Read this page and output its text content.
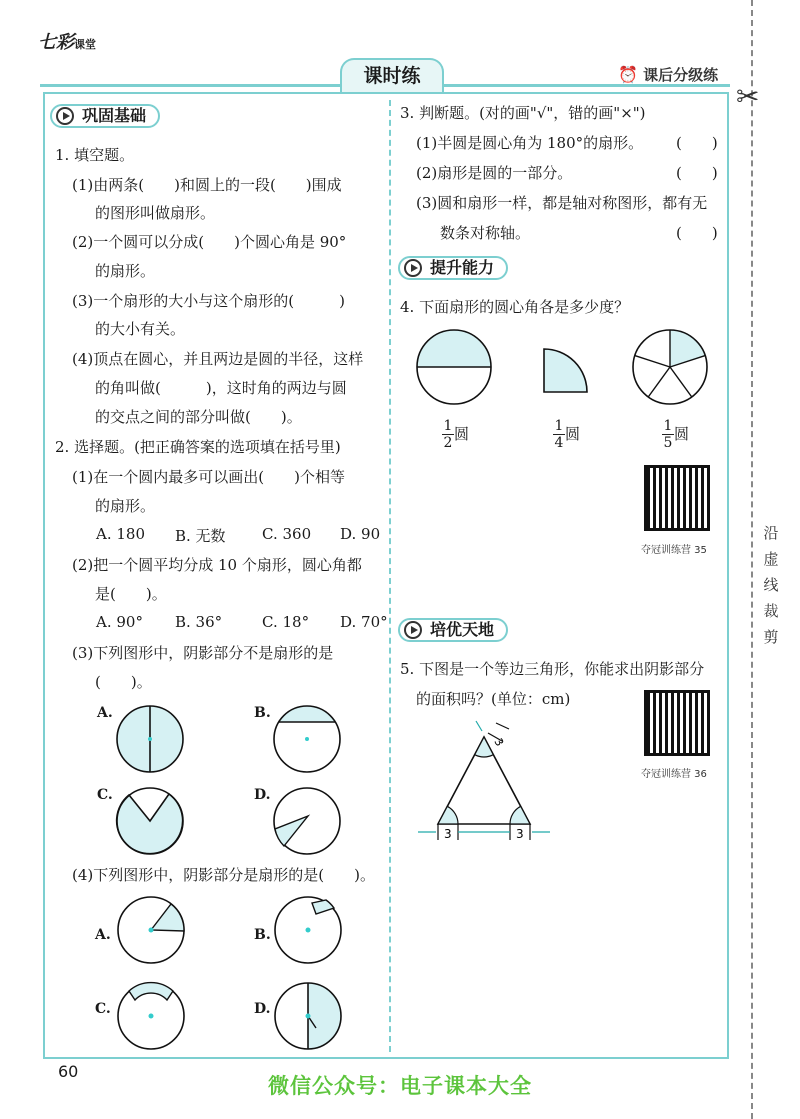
七彩课堂
课时练	⏰ 课后分级练
✂
沿虚线裁剪
巩固基础
1. 填空题。
(1)由两条(　　)和圆上的一段(　　)围成
的图形叫做扇形。
(2)一个圆可以分成(　　)个圆心角是 90°
的扇形。
(3)一个扇形的大小与这个扇形的(　　　)
的大小有关。
(4)顶点在圆心，并且两边是圆的半径，这样
的角叫做(　　　)，这时角的两边与圆
的交点之间的部分叫做(　　)。
2. 选择题。(把正确答案的选项填在括号里)
(1)在一个圆内最多可以画出(　　)个相等
的扇形。
A. 180 B. 无数 C. 360 D. 90
(2)把一个圆平均分成 10 个扇形，圆心角都
是(　　)。
A. 90° B. 36°	C. 18° D. 70°
(3)下列图形中，阴影部分不是扇形的是
(　　)。
A.	B.
C.	D.
(4)下列图形中，阴影部分是扇形的是(　　)。
A.	B.
C.	D.
3. 判断题。(对的画"√"，错的画"×")
(1)半圆是圆心角为 180°的扇形。 (　　)
(2)扇形是圆的一部分。	(　　)
(3)圆和扇形一样，都是轴对称图形，都有无
数条对称轴。	(　　)
提升能力
4. 下面扇形的圆心角各是多少度？
$\frac{1}{2}$ 圆	$\frac{1}{4}$ 圆	$\frac{1}{5}$ 圆
夺冠训练营 35
培优天地
5. 下图是一个等边三角形，你能求出阴影部分
的面积吗？(单位：cm)
夺冠训练营 36
3
3	3
60
微信公众号：电子课本大全
